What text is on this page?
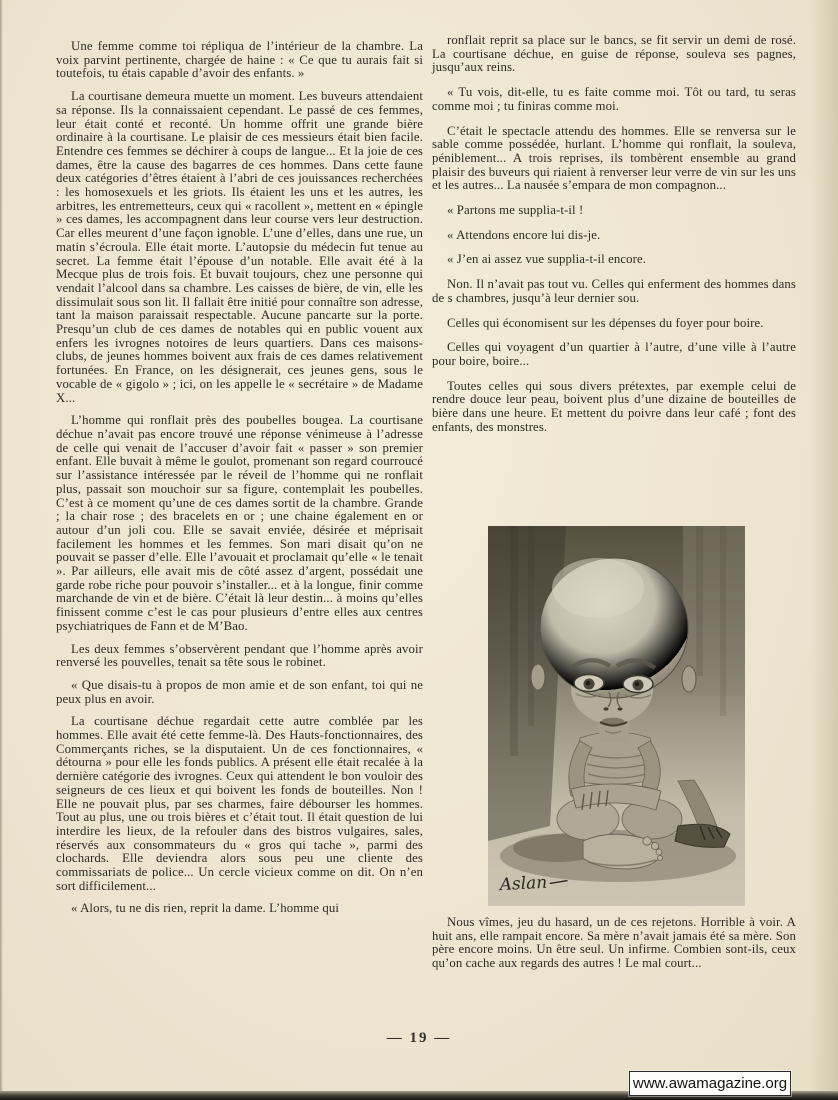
Une femme comme toi répliqua de l’intérieur de la chambre. La voix parvint pertinente, chargée de haine : « Ce que tu aurais fait si toutefois, tu étais capable d’avoir des enfants. »

La courtisane demeura muette un moment. Les buveurs attendaient sa réponse. Ils la connaissaient cependant. Le passé de ces femmes, leur était conté et reconté. Un homme offrit une grande bière ordinaire à la courtisane. Le plaisir de ces messieurs était bien facile. Entendre ces femmes se déchirer à coups de langue... Et la joie de ces dames, être la cause des bagarres de ces hommes. Dans cette faune deux catégories d’êtres étaient à l’abri de ces jouissances recherchées : les homosexuels et les griots. Ils étaient les uns et les autres, les arbitres, les entremetteurs, ceux qui « racollent », mettent en « épingle » ces dames, les accompagnent dans leur course vers leur destruction. Car elles meurent d’une façon ignoble. L’une d’elles, dans une rue, un matin s’écroula. Elle était morte. L’autopsie du médecin fut tenue au secret. La femme était l’épouse d’un notable. Elle avait été à la Mecque plus de trois fois. Et buvait toujours, chez une personne qui vendait l’alcool dans sa chambre. Les caisses de bière, de vin, elle les dissimulait sous son lit. Il fallait être initié pour connaître son adresse, tant la maison paraissait respectable. Aucune pancarte sur la porte. Presqu’un club de ces dames de notables qui en public vouent aux enfers les ivrognes notoires de leurs quartiers. Dans ces maisons-clubs, de jeunes hommes boivent aux frais de ces dames relativement fortunées. En France, on les désignerait, ces jeunes gens, sous le vocable de « gigolo » ; ici, on les appelle le « secrétaire » de Madame X...

L’homme qui ronflait près des poubelles bougea. La courtisane déchue n’avait pas encore trouvé une réponse vénimeuse à l’adresse de celle qui venait de l’accuser d’avoir fait « passer » son premier enfant. Elle buvait à même le goulot, promenant son regard courroucé sur l’assistance intéressée par le réveil de l’homme qui ne ronflait plus, passait son mouchoir sur sa figure, contemplait les poubelles. C’est à ce moment qu’une de ces dames sortit de la chambre. Grande ; la chair rose ; des bracelets en or ; une chaine également en or autour d’un joli cou. Elle se savait enviée, désirée et méprisait facilement les hommes et les femmes. Son mari disait qu’on ne pouvait se passer d’elle. Elle l’avouait et proclamait qu’elle « le tenait ». Par ailleurs, elle avait mis de côté assez d’argent, possédait une garde robe riche pour pouvoir s’installer... et à la longue, finir comme marchande de vin et de bière. C’était là leur destin... à moins qu’elles finissent comme c’est le cas pour plusieurs d’entre elles aux centres psychiatriques de Fann et de M’Bao.

Les deux femmes s’observèrent pendant que l’homme après avoir renversé les pouvelles, tenait sa tête sous le robinet.

« Que disais-tu à propos de mon amie et de son enfant, toi qui ne peux plus en avoir.

La courtisane déchue regardait cette autre comblée par les hommes. Elle avait été cette femme-là. Des Hauts-fonctionnaires, des Commerçants riches, se la disputaient. Un de ces fonctionnaires, « détourna » pour elle les fonds publics. A présent elle était recalée à la dernière catégorie des ivrognes. Ceux qui attendent le bon vouloir des seigneurs de ces lieux et qui boivent les fonds de bouteilles. Non ! Elle ne pouvait plus, par ses charmes, faire débourser les hommes. Tout au plus, une ou trois bières et c’était tout. Il était question de lui interdire les lieux, de la refouler dans des bistros vulgaires, sales, réservés aux consommateurs du « gros qui tache », parmi des clochards. Elle deviendra alors sous peu une cliente des commissariats de police... Un cercle vicieux comme on dit. On n’en sort difficilement...

« Alors, tu ne dis rien, reprit la dame. L’homme qui

ronflait reprit sa place sur le bancs, se fit servir un demi de rosé. La courtisane déchue, en guise de réponse, souleva ses pagnes, jusqu’aux reins.

« Tu vois, dit-elle, tu es faite comme moi. Tôt ou tard, tu seras comme moi ; tu finiras comme moi.

C’était le spectacle attendu des hommes. Elle se renversa sur le sable comme possédée, hurlant. L’homme qui ronflait, la souleva, péniblement... A trois reprises, ils tombèrent ensemble au grand plaisir des buveurs qui riaient à renverser leur verre de vin sur les uns et les autres... La nausée s’empara de mon compagnon...

« Partons me supplia-t-il !

« Attendons encore lui dis-je.

« J’en ai assez vue supplia-t-il encore.

Non. Il n’avait pas tout vu. Celles qui enferment des hommes dans de s chambres, jusqu’à leur dernier sou.

Celles qui économisent sur les dépenses du foyer pour boire.

Celles qui voyagent d’un quartier à l’autre, d’une ville à l’autre pour boire, boire...

Toutes celles qui sous divers prétextes, par exemple celui de rendre douce leur peau, boivent plus d’une dizaine de bouteilles de bière dans une heure. Et mettent du poivre dans leur café ; font des enfants, des monstres.

Aslan

Nous vîmes, jeu du hasard, un de ces rejetons. Horrible à voir. A huit ans, elle rampait encore. Sa mère n’avait jamais été sa mère. Son père encore moins. Un être seul. Un infirme. Combien sont-ils, ceux qu’on cache aux regards des autres ! Le mal court...

— 19 —
www.awamagazine.org
